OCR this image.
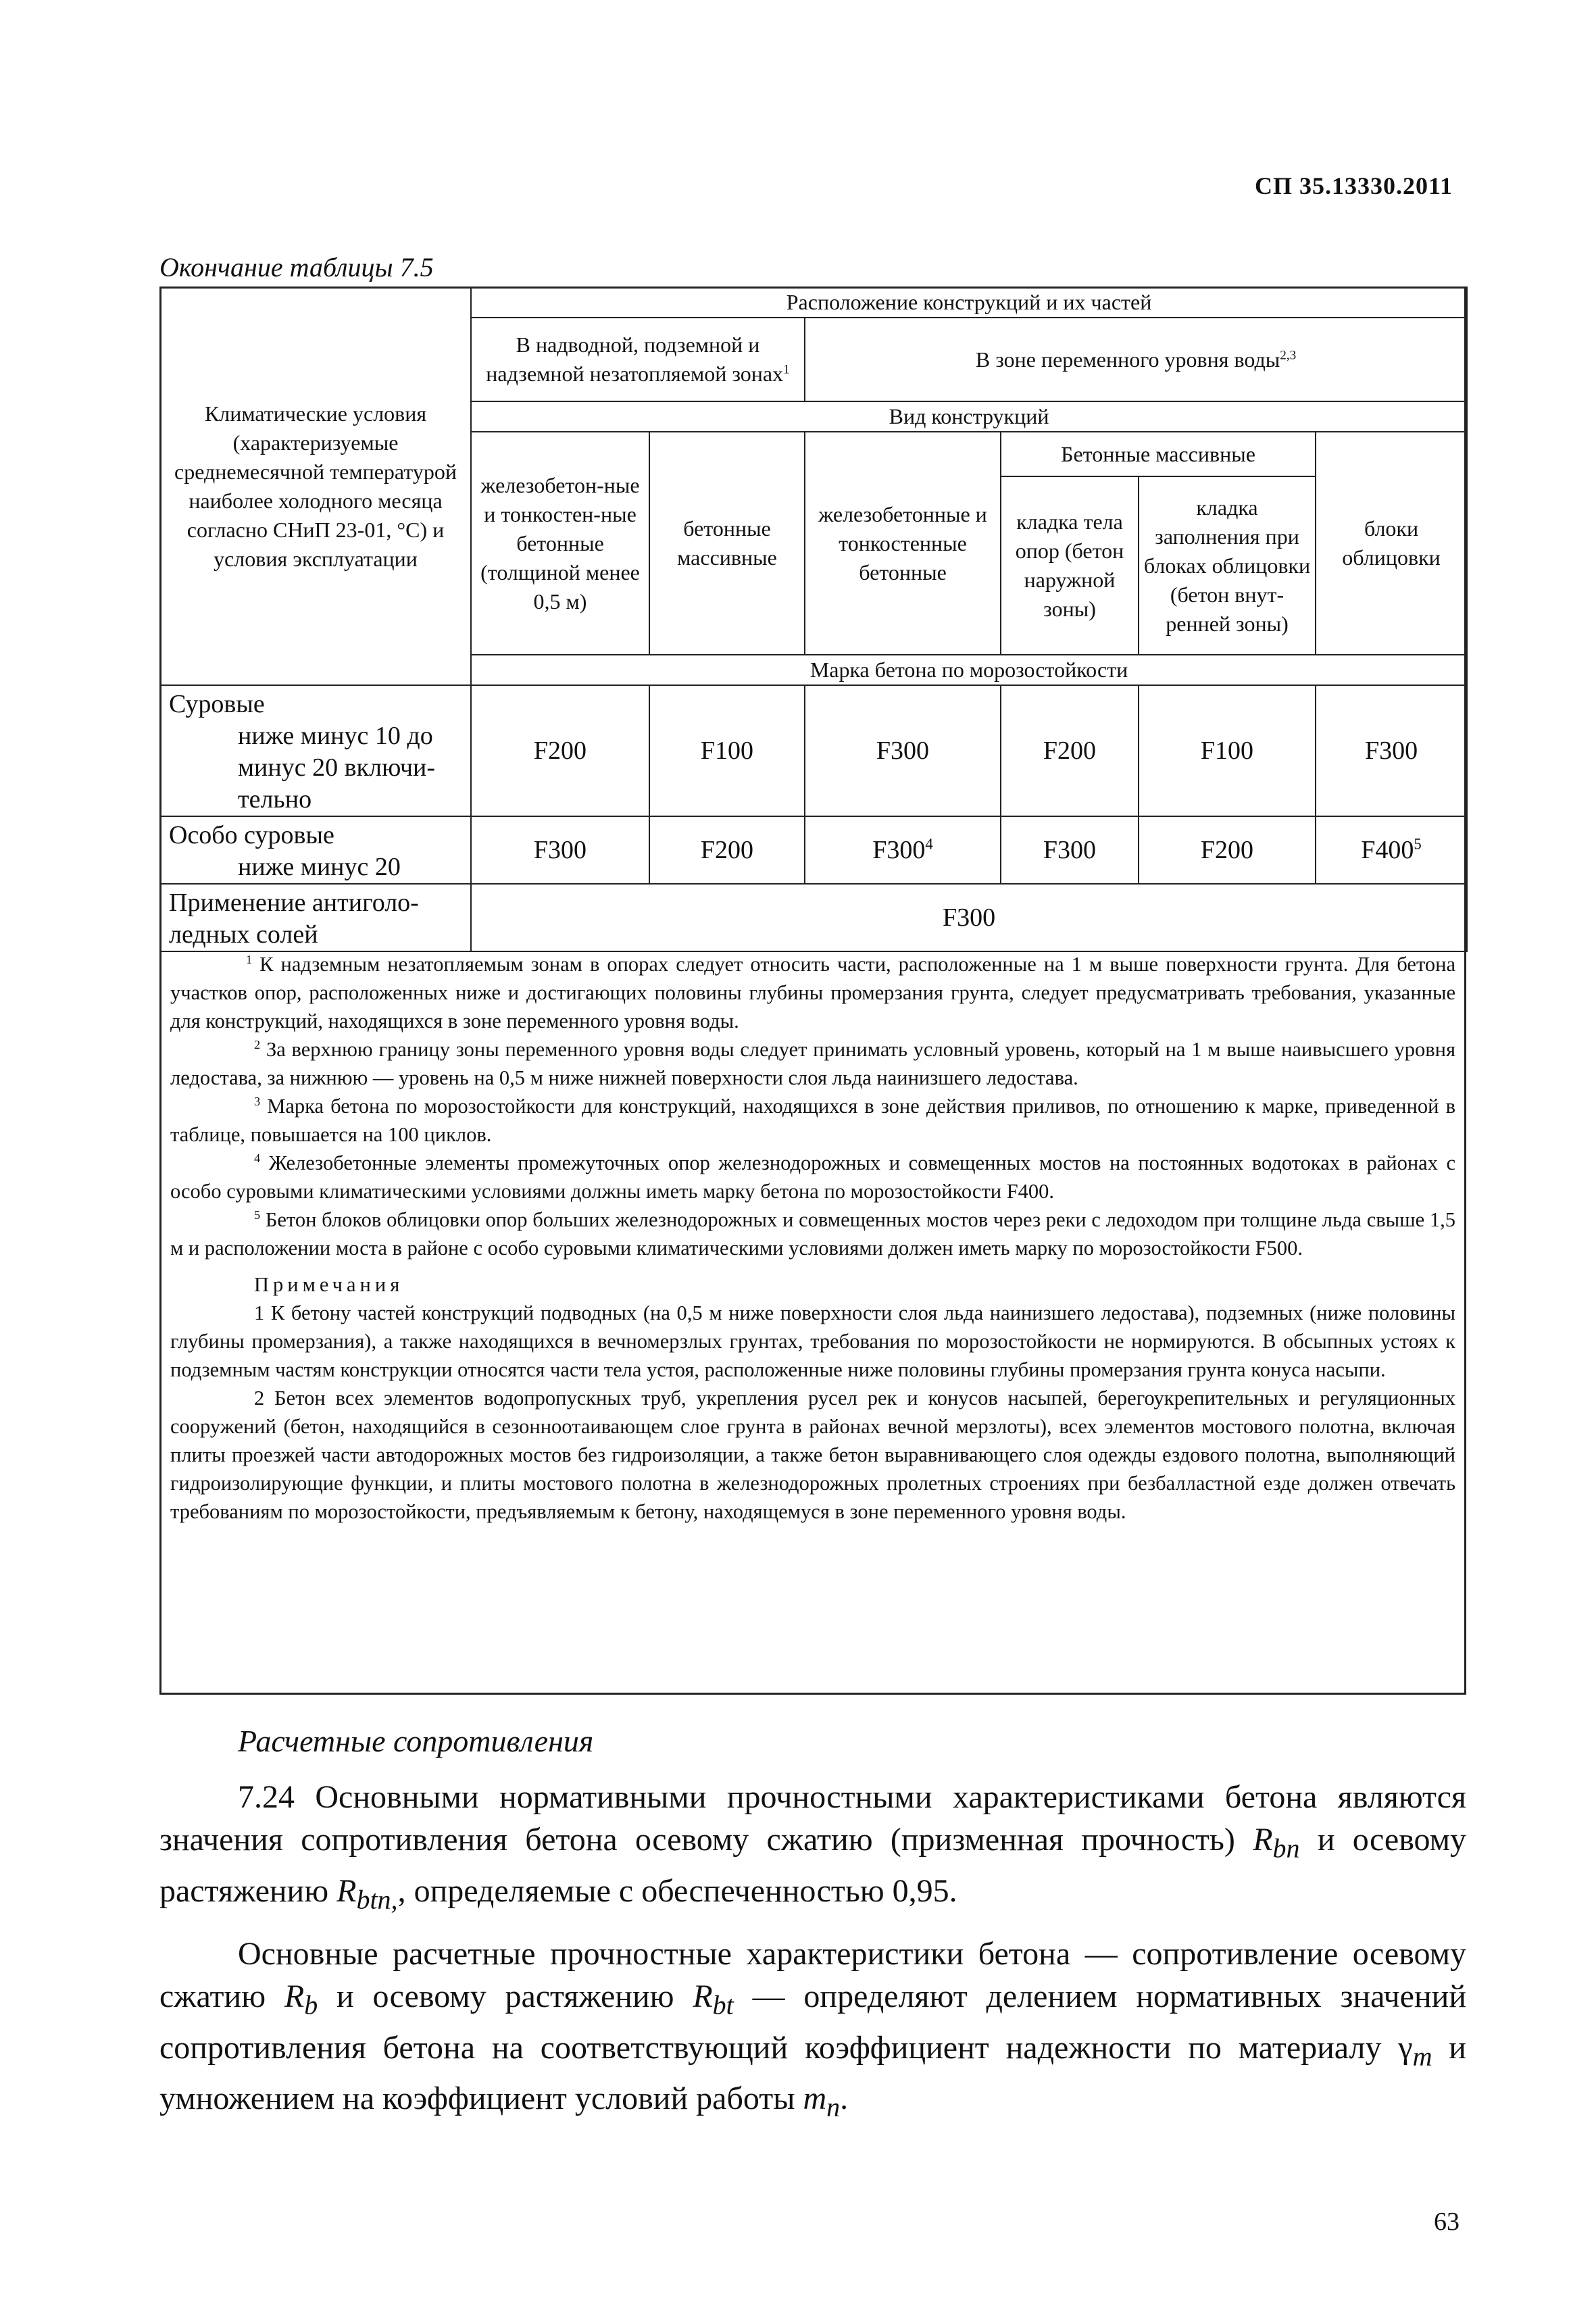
СП 35.13330.2011
Окончание таблицы 7.5
Климатические условия (характеризуемые среднемесячной температурой наиболее холодного месяца согласно СНиП 23-01, °С) и условия эксплуатации	Расположение конструкций и их частей					
	В надводной, подземной и надземной незатопляемой зонах$^1$		В зоне переменного уровня воды$^{2,3}$
	Вид конструкций					
	железобетон-ные и тонкостен-ные бетонные (толщиной менее 0,5 м)	бетонные массивные	железобетонные и тонкостенные бетонные	Бетонные массивные		блоки облицовки
				кладка тела опор (бетон наружной зоны)	кладка заполнения при блоках облицовки (бетон внут-ренней зоны)	
	Марка бетона по морозостойкости					
Суровые
ниже минус 10 до минус 20 включи-тельно	F200	F100	F300	F200	F100	F300
Особо суровые
ниже минус 20	F300	F200	$F300^4$	F300	F200	$F400^5$
Применение антиголо-ледных солей	F300					

$^1$ К надземным незатопляемым зонам в опорах следует относить части, расположенные на 1 м выше поверхности грунта. Для бетона участков опор, расположенных ниже и достигающих половины глубины промерзания грунта, следует предусматривать требования, указанные для конструкций, находящихся в зоне переменного уровня воды.

$^2$ За верхнюю границу зоны переменного уровня воды следует принимать условный уровень, который на 1 м выше наивысшего уровня ледостава, за нижнюю — уровень на 0,5 м ниже нижней поверхности слоя льда наинизшего ледостава.

$^3$ Марка бетона по морозостойкости для конструкций, находящихся в зоне действия приливов, по отношению к марке, приведенной в таблице, повышается на 100 циклов.

$^4$ Железобетонные элементы промежуточных опор железнодорожных и совмещенных мостов на постоянных водотоках в районах с особо суровыми климатическими условиями должны иметь марку бетона по морозостойкости F400.

$^5$ Бетон блоков облицовки опор больших железнодорожных и совмещенных мостов через реки с ледоходом при толщине льда свыше 1,5 м и расположении моста в районе с особо суровыми климатическими условиями должен иметь марку по морозостойкости F500.

Примечания

1 К бетону частей конструкций подводных (на 0,5 м ниже поверхности слоя льда наинизшего ледостава), подземных (ниже половины глубины промерзания), а также находящихся в вечномерзлых грунтах, требования по морозостойкости не нормируются. В обсыпных устоях к подземным частям конструкции относятся части тела устоя, расположенные ниже половины глубины промерзания грунта конуса насыпи.

2 Бетон всех элементов водопропускных труб, укрепления русел рек и конусов насыпей, берегоукрепительных и регуляционных сооружений (бетон, находящийся в сезонноотаивающем слое грунта в районах вечной мерзлоты), всех элементов мостового полотна, включая плиты проезжей части автодорожных мостов без гидроизоляции, а также бетон выравнивающего слоя одежды ездового полотна, выполняющий гидроизолирующие функции, и плиты мостового полотна в железнодорожных пролетных строениях при безбалластной езде должен отвечать требованиям по морозостойкости, предъявляемым к бетону, находящемуся в зоне переменного уровня воды.

Расчетные сопротивления

7.24 Основными нормативными прочностными характеристиками бетона являются значения сопротивления бетона осевому сжатию (призменная прочность) $R_{bn}$ и осевому растяжению $R_{btn,}$, определяемые с обеспеченностью 0,95.

Основные расчетные прочностные характеристики бетона — сопротивление осевому сжатию $R_b$ и осевому растяжению $R_{bt}$ — определяют делением нормативных значений сопротивления бетона на соответствующий коэффициент надежности по материалу $\gamma_m$ и умножением на коэффициент условий работы $m_n$.

63
